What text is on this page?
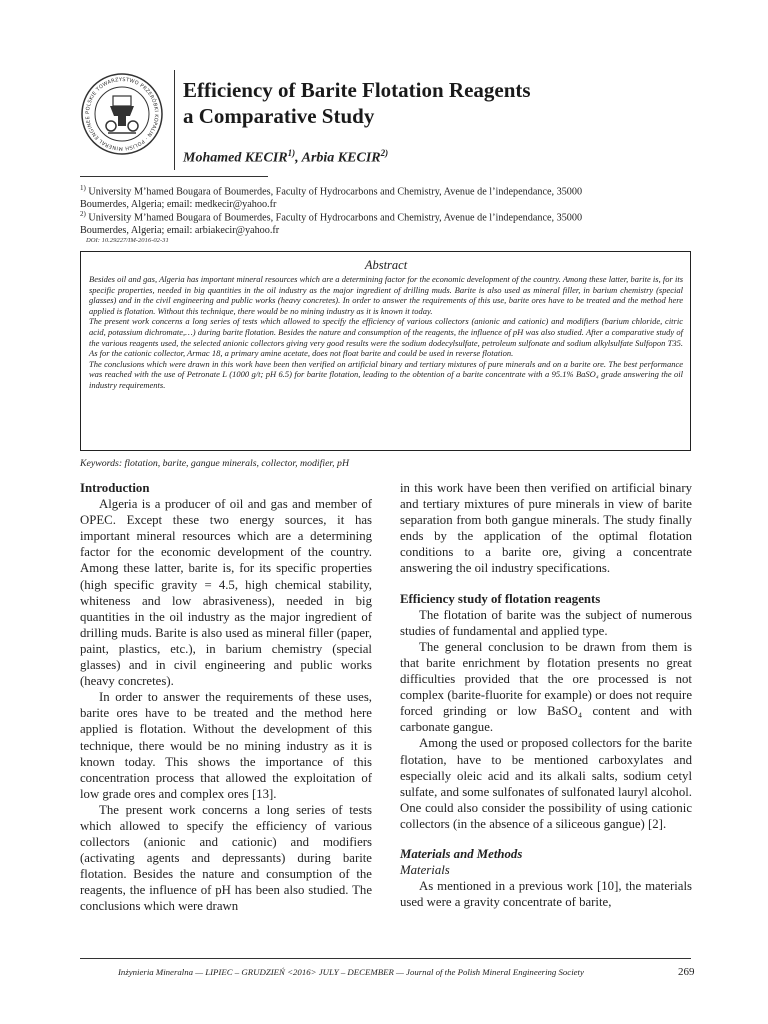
POLSKIE TOWARZYSTWO PRZERÓBKI KOPALIN · POLISH MINERAL ENGINEE
Efficiency of Barite Flotation Reagents
a Comparative Study
Mohamed KECIR$^{1)}$, Arbia KECIR$^{2)}$
$^{1)}$ University M’hamed Bougara of Boumerdes, Faculty of Hydrocarbons and Chemistry, Avenue de l’independance, 35000
Boumerdes, Algeria; email: medkecir@yahoo.fr
$^{2)}$ University M’hamed Bougara of Boumerdes, Faculty of Hydrocarbons and Chemistry, Avenue de l’independance, 35000
Boumerdes, Algeria; email: arbiakecir@yahoo.fr
DOI: 10.29227/IM-2016-02-31
Abstract

Besides oil and gas, Algeria has important mineral resources which are a determining factor for the economic development of the country. Among these latter, barite is, for its specific properties, needed in big quantities in the oil industry as the major ingredient of drilling muds. Barite is also used as mineral filler, in barium chemistry (special glasses) and in the civil engineering and public works (heavy concretes). In order to answer the requirements of this use, barite ores have to be treated and the method here applied is flotation. Without this technique, there would be no mining industry as it is known it today.

The present work concerns a long series of tests which allowed to specify the efficiency of various collectors (anionic and cationic) and modifiers (barium chloride, citric acid, potassium dichromate,…) during barite flotation. Besides the nature and consumption of the reagents, the influence of pH was also studied. After a comparative study of the various reagents used, the selected anionic collectors giving very good results were the sodium dodecylsulfate, petroleum sulfonate and sodium alkylsulfate Sulfopon T35. As for the cationic collector, Armac 18, a primary amine acetate, does not float barite and could be used in reverse flotation.

The conclusions which were drawn in this work have been then verified on artificial binary and tertiary mixtures of pure minerals and on a barite ore. The best performance was reached with the use of Petronate L (1000 g/t; pH 6.5) for barite flotation, leading to the obtention of a barite concentrate with a 95.1% BaSO₄ grade answering the oil industry requirements.

Keywords: flotation, barite, gangue minerals, collector, modifier, pH
Introduction

Algeria is a producer of oil and gas and member of OPEC. Except these two energy sources, it has important mineral resources which are a determining factor for the economic development of the country. Among these latter, barite is, for its specific properties (high specific gravity = 4.5, high chemical stability, whiteness and low abrasiveness), needed in big quantities in the oil industry as the major ingredient of drilling muds. Barite is also used as mineral filler (paper, paint, plastics, etc.), in barium chemistry (special glasses) and in civil engineering and public works (heavy concretes).

In order to answer the requirements of these uses, barite ores have to be treated and the method here applied is flotation. Without the development of this technique, there would be no mining industry as it is known today. This shows the importance of this concentration process that allowed the exploitation of low grade ores and complex ores [13].

The present work concerns a long series of tests which allowed to specify the efficiency of various collectors (anionic and cationic) and modifiers (activating agents and depressants) during barite flotation. Besides the nature and consumption of the reagents, the influence of pH has been also studied. The conclusions which were drawn

in this work have been then verified on artificial binary and tertiary mixtures of pure minerals in view of barite separation from both gangue minerals. The study finally ends by the application of the optimal flotation conditions to a barite ore, giving a concentrate answering the oil industry specifications.

Efficiency study of flotation reagents

The flotation of barite was the subject of numerous studies of fundamental and applied type.

The general conclusion to be drawn from them is that barite enrichment by flotation presents no great difficulties provided that the ore processed is not complex (barite-fluorite for example) or does not require forced grinding or low BaSO₄ content and with carbonate gangue.

Among the used or proposed collectors for the barite flotation, have to be mentioned carboxylates and especially oleic acid and its alkali salts, sodium cetyl sulfate, and some sulfonates of sulfonated lauryl alcohol. One could also consider the possibility of using cationic collectors (in the absence of a siliceous gangue) [2].

Materials and Methods
Materials

As mentioned in a previous work [10], the materials used were a gravity concentrate of barite,

Inżynieria Mineralna — LIPIEC – GRUDZIEŃ <2016> JULY – DECEMBER — Journal of the Polish Mineral Engineering Society	269
